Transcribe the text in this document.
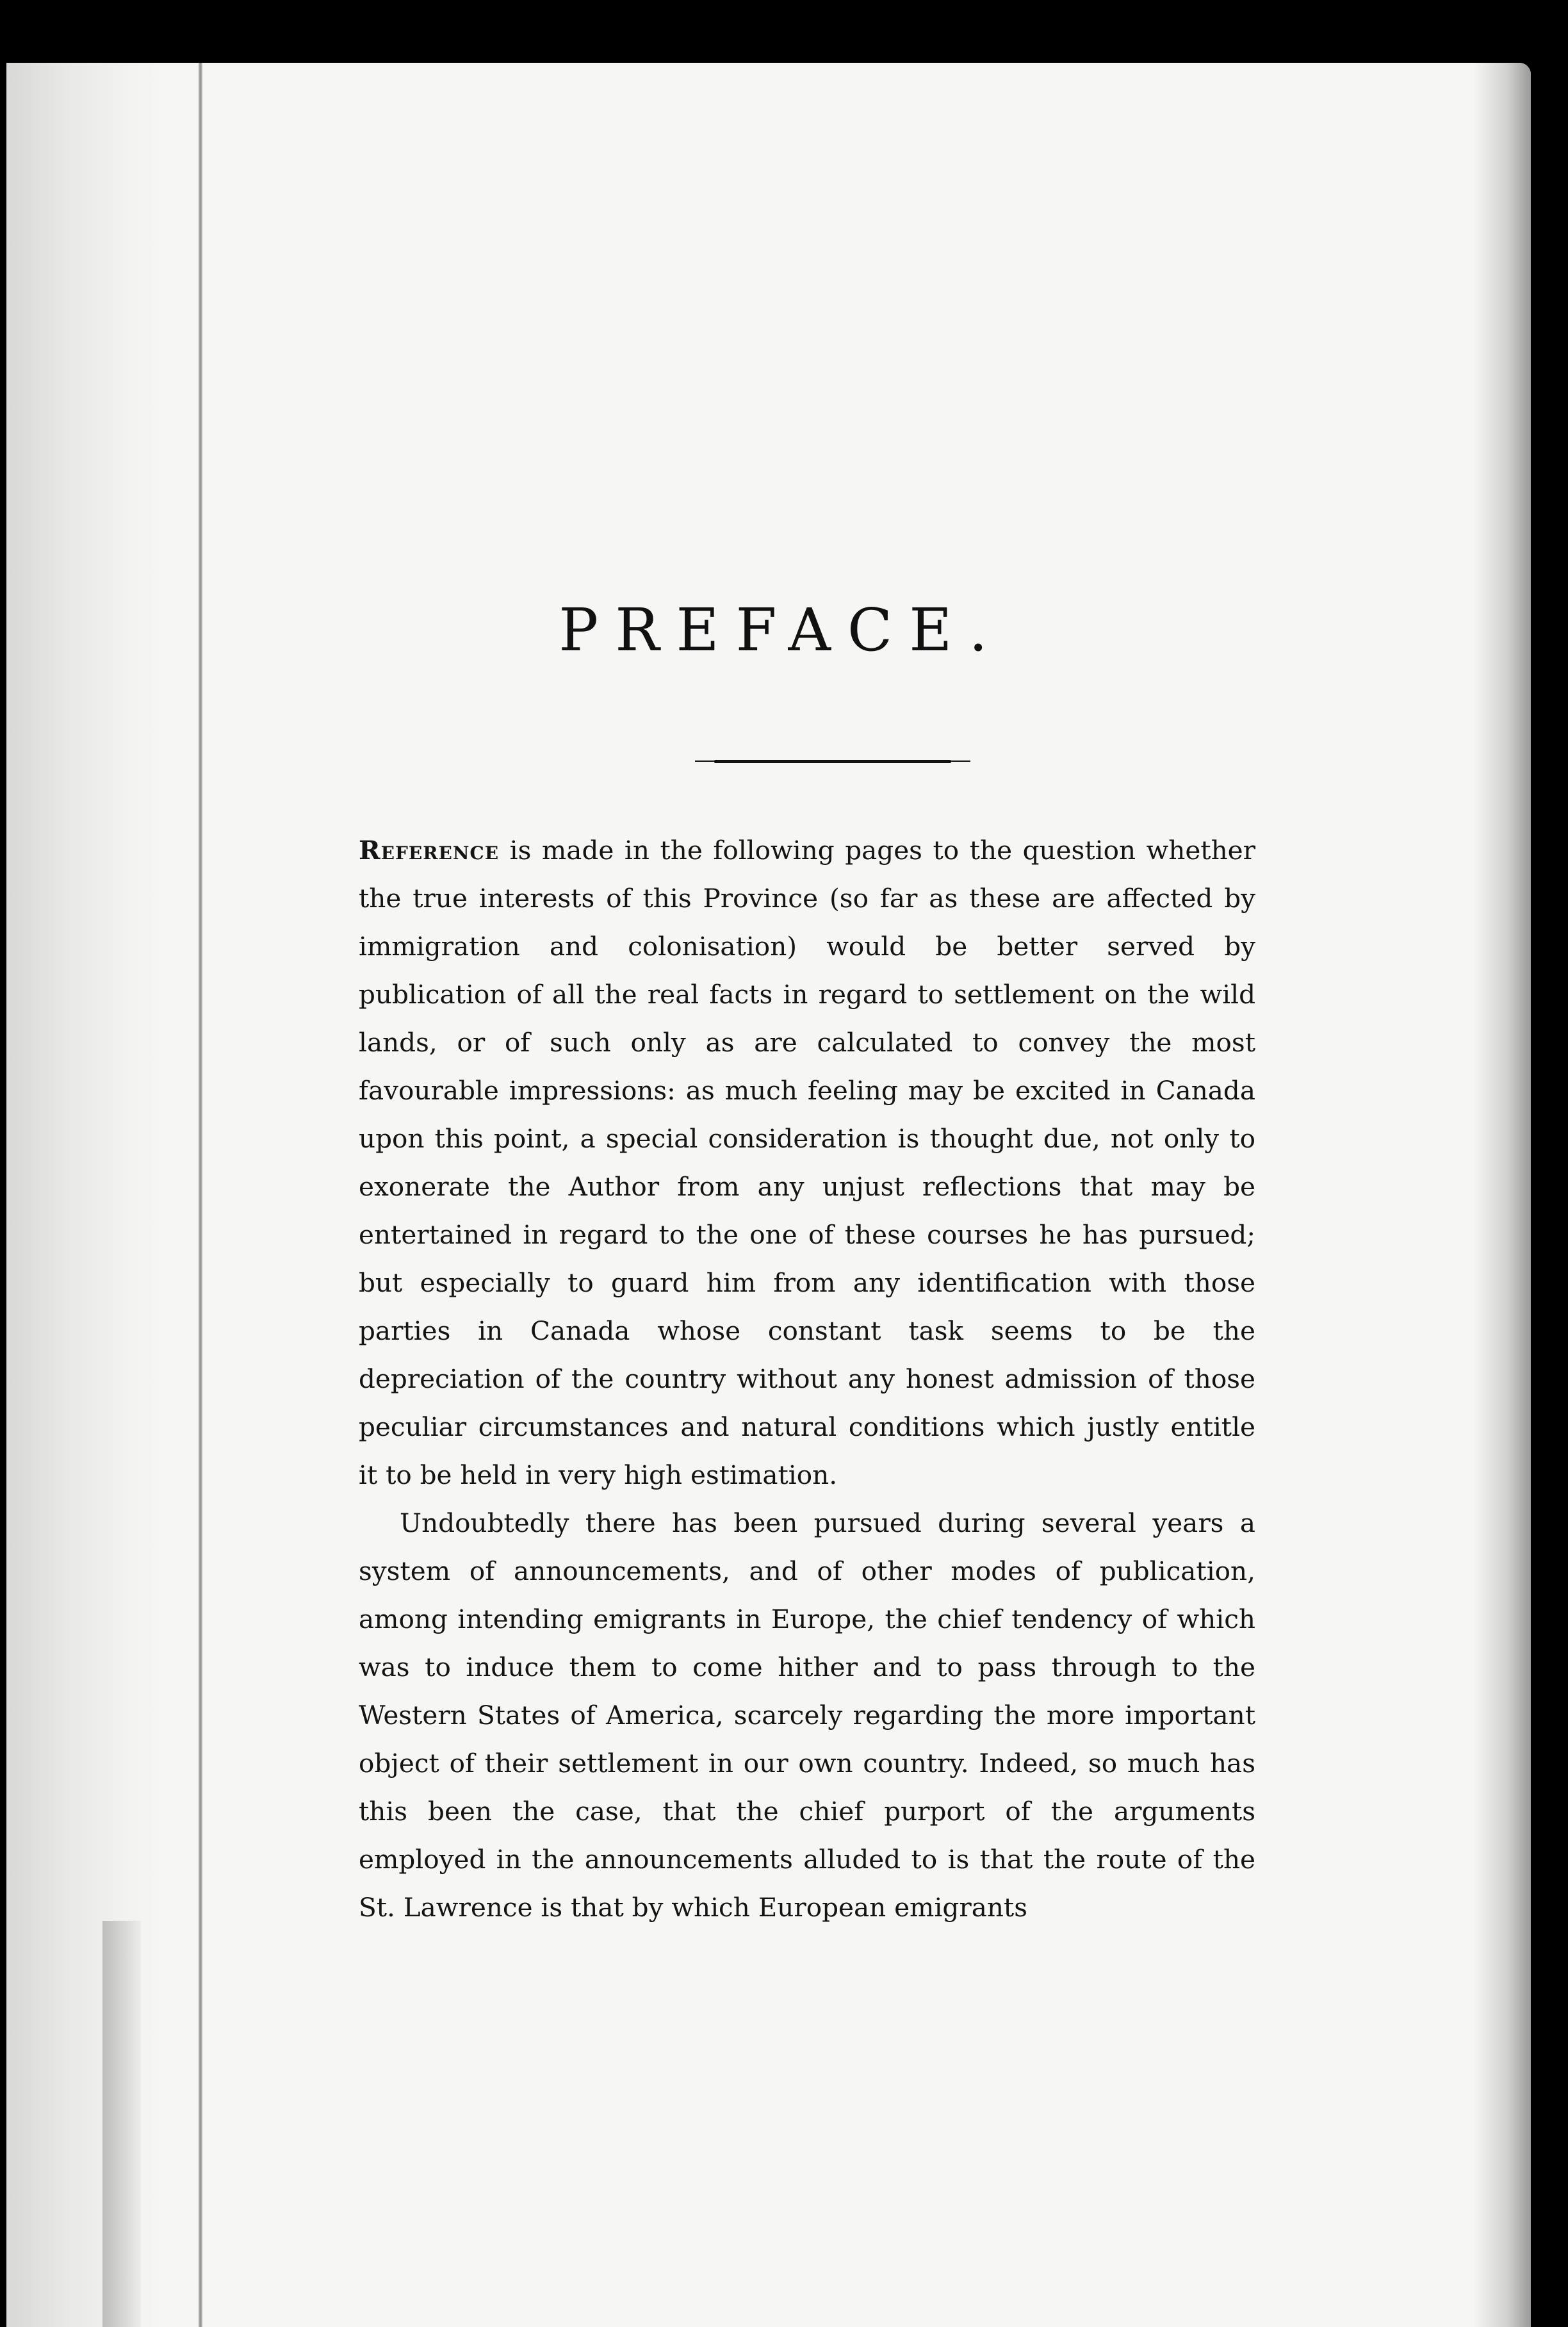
PREFACE.

Reference is made in the following pages to the question whether the true interests of this Province (so far as these are affected by immigration and colonisation) would be better served by publication of all the real facts in regard to settlement on the wild lands, or of such only as are calculated to convey the most favourable impressions: as much feeling may be excited in Canada upon this point, a special consideration is thought due, not only to exonerate the Author from any unjust reflections that may be entertained in regard to the one of these courses he has pursued; but especially to guard him from any identification with those parties in Canada whose constant task seems to be the depreciation of the country without any honest admission of those peculiar circumstances and natural conditions which justly entitle it to be held in very high estimation.

Undoubtedly there has been pursued during several years a system of announcements, and of other modes of publication, among intending emigrants in Europe, the chief tendency of which was to induce them to come hither and to pass through to the Western States of America, scarcely regarding the more important object of their settlement in our own country. Indeed, so much has this been the case, that the chief purport of the arguments employed in the announcements alluded to is that the route of the St. Lawrence is that by which European emigrants
